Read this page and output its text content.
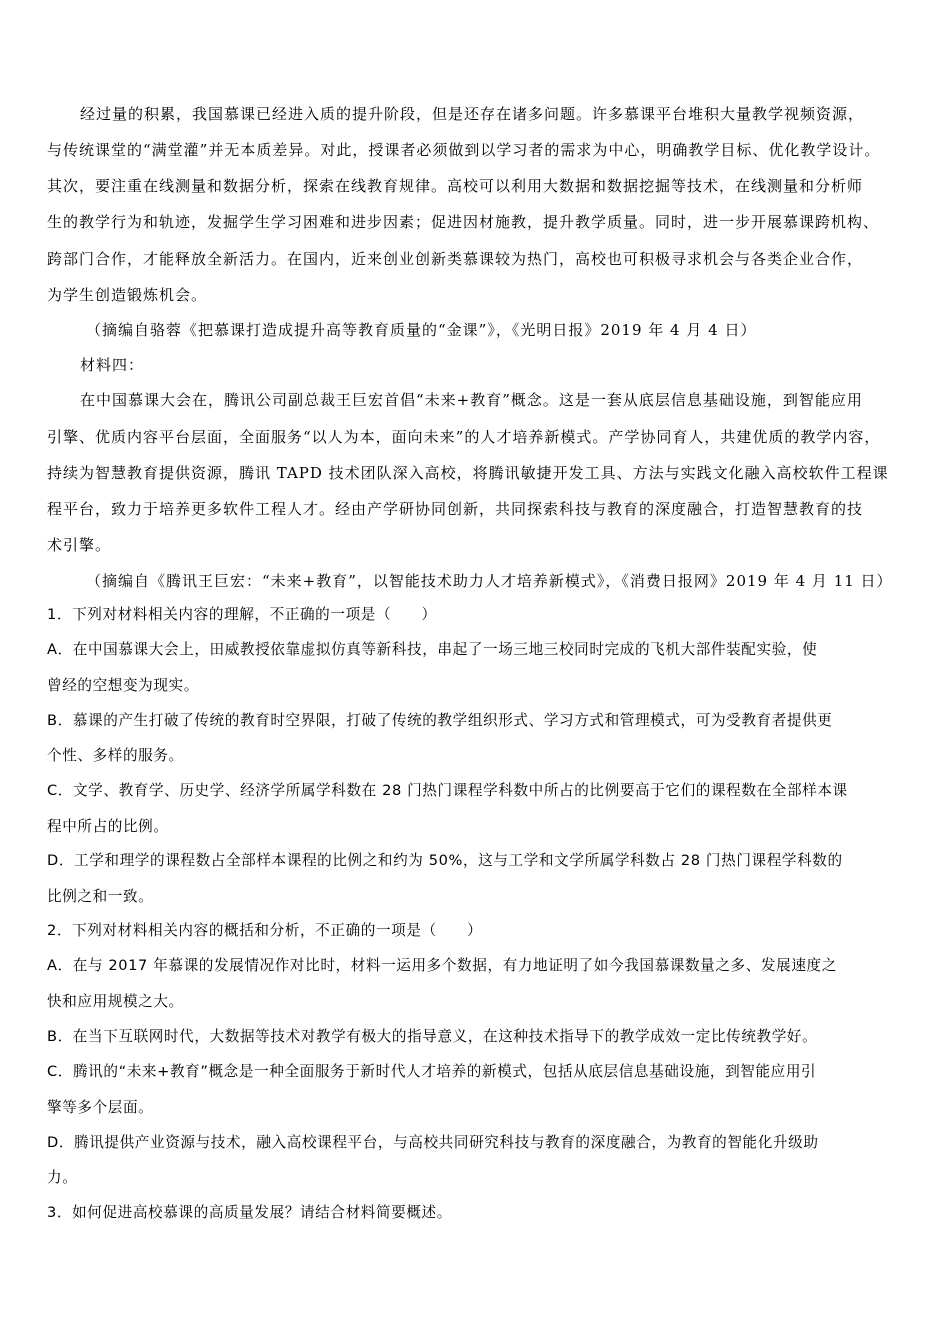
经过量的积累，我国慕课已经进入质的提升阶段，但是还存在诸多问题。许多慕课平台堆积大量教学视频资源，
与传统课堂的“满堂灌”并无本质差异。对此，授课者必须做到以学习者的需求为中心，明确教学目标、优化教学设计。
其次，要注重在线测量和数据分析，探索在线教育规律。高校可以利用大数据和数据挖掘等技术，在线测量和分析师
生的教学行为和轨迹，发掘学生学习困难和进步因素；促进因材施教，提升教学质量。同时，进一步开展慕课跨机构、
跨部门合作，才能释放全新活力。在国内，近来创业创新类慕课较为热门，高校也可积极寻求机会与各类企业合作，
为学生创造锻炼机会。
（摘编自骆蓉《把慕课打造成提升高等教育质量的“金课”》，《光明日报》2019 年 4 月 4 日）
材料四：
在中国慕课大会在，腾讯公司副总裁王巨宏首倡“未来+教育”概念。这是一套从底层信息基础设施，到智能应用
引擎、优质内容平台层面，全面服务“以人为本，面向未来”的人才培养新模式。产学协同育人，共建优质的教学内容，
持续为智慧教育提供资源，腾讯 TAPD 技术团队深入高校，将腾讯敏捷开发工具、方法与实践文化融入高校软件工程课
程平台，致力于培养更多软件工程人才。经由产学研协同创新，共同探索科技与教育的深度融合，打造智慧教育的技
术引擎。
（摘编自《腾讯王巨宏：“未来+教育”，以智能技术助力人才培养新模式》，《消费日报网》2019 年 4 月 11 日）
1．下列对材料相关内容的理解，不正确的一项是（　　）
A．在中国慕课大会上，田威教授依靠虚拟仿真等新科技，串起了一场三地三校同时完成的飞机大部件装配实验，使
曾经的空想变为现实。
B．慕课的产生打破了传统的教育时空界限，打破了传统的教学组织形式、学习方式和管理模式，可为受教育者提供更
个性、多样的服务。
C．文学、教育学、历史学、经济学所属学科数在 28 门热门课程学科数中所占的比例要高于它们的课程数在全部样本课
程中所占的比例。
D．工学和理学的课程数占全部样本课程的比例之和约为 50%，这与工学和文学所属学科数占 28 门热门课程学科数的
比例之和一致。
2．下列对材料相关内容的概括和分析，不正确的一项是（　　）
A．在与 2017 年慕课的发展情况作对比时，材料一运用多个数据，有力地证明了如今我国慕课数量之多、发展速度之
快和应用规模之大。
B．在当下互联网时代，大数据等技术对教学有极大的指导意义，在这种技术指导下的教学成效一定比传统教学好。
C．腾讯的“未来+教育”概念是一种全面服务于新时代人才培养的新模式，包括从底层信息基础设施，到智能应用引
擎等多个层面。
D．腾讯提供产业资源与技术，融入高校课程平台，与高校共同研究科技与教育的深度融合，为教育的智能化升级助
力。
3．如何促进高校慕课的高质量发展？请结合材料简要概述。
